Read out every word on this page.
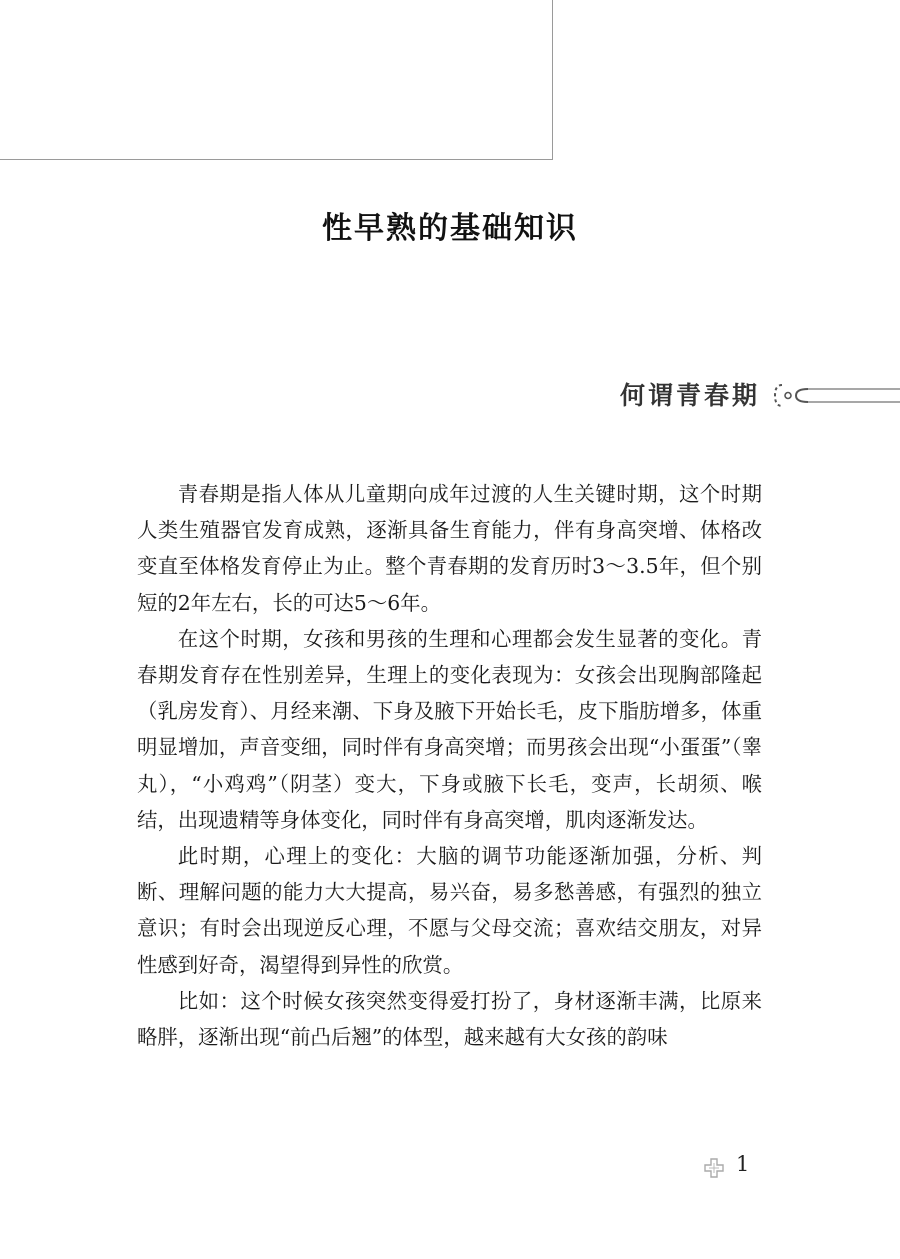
性早熟的基础知识
何谓青春期

青春期是指人体从儿童期向成年过渡的人生关键时期，这个时期人类生殖器官发育成熟，逐渐具备生育能力，伴有身高突增、体格改变直至体格发育停止为止。整个青春期的发育历时3～3.5年，但个别短的2年左右，长的可达5～6年。

在这个时期，女孩和男孩的生理和心理都会发生显著的变化。青春期发育存在性别差异，生理上的变化表现为：女孩会出现胸部隆起（乳房发育）、月经来潮、下身及腋下开始长毛，皮下脂肪增多，体重明显增加，声音变细，同时伴有身高突增；而男孩会出现“小蛋蛋”（睾丸），“小鸡鸡”（阴茎）变大，下身或腋下长毛，变声，长胡须、喉结，出现遗精等身体变化，同时伴有身高突增，肌肉逐渐发达。

此时期，心理上的变化：大脑的调节功能逐渐加强，分析、判断、理解问题的能力大大提高，易兴奋，易多愁善感，有强烈的独立意识；有时会出现逆反心理，不愿与父母交流；喜欢结交朋友，对异性感到好奇，渴望得到异性的欣赏。

比如：这个时候女孩突然变得爱打扮了，身材逐渐丰满，比原来略胖，逐渐出现“前凸后翘”的体型，越来越有大女孩的韵味

1
